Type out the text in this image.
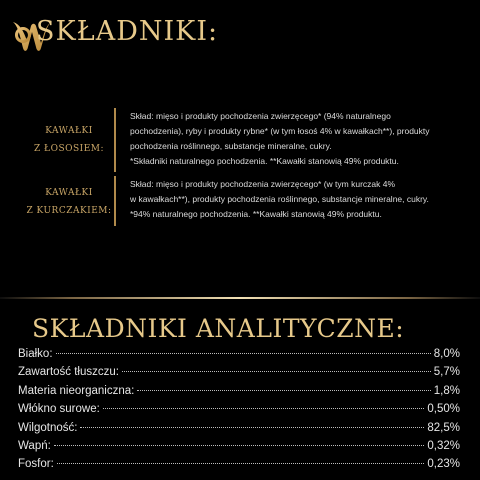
SKŁADNIKI:
KAWAŁKI
Z ŁOSOSIEM:
Skład: mięso i produkty pochodzenia zwierzęcego* (94% naturalnego
pochodzenia), ryby i produkty rybne* (w tym łosoś 4% w kawałkach**), produkty
pochodzenia roślinnego, substancje mineralne, cukry.
*Składniki naturalnego pochodzenia. **Kawałki stanowią 49% produktu.
KAWAŁKI
Z KURCZAKIEM:
Skład: mięso i produkty pochodzenia zwierzęcego* (w tym kurczak 4%
w kawałkach**), produkty pochodzenia roślinnego, substancje mineralne, cukry.
*94% naturalnego pochodzenia. **Kawałki stanowią 49% produktu.
SKŁADNIKI ANALITYCZNE:
Białko:	8,0%
Zawartość tłuszczu:	5,7%
Materia nieorganiczna:	1,8%
Włókno surowe:	0,50%
Wilgotność:	82,5%
Wapń:	0,32%
Fosfor:	0,23%
